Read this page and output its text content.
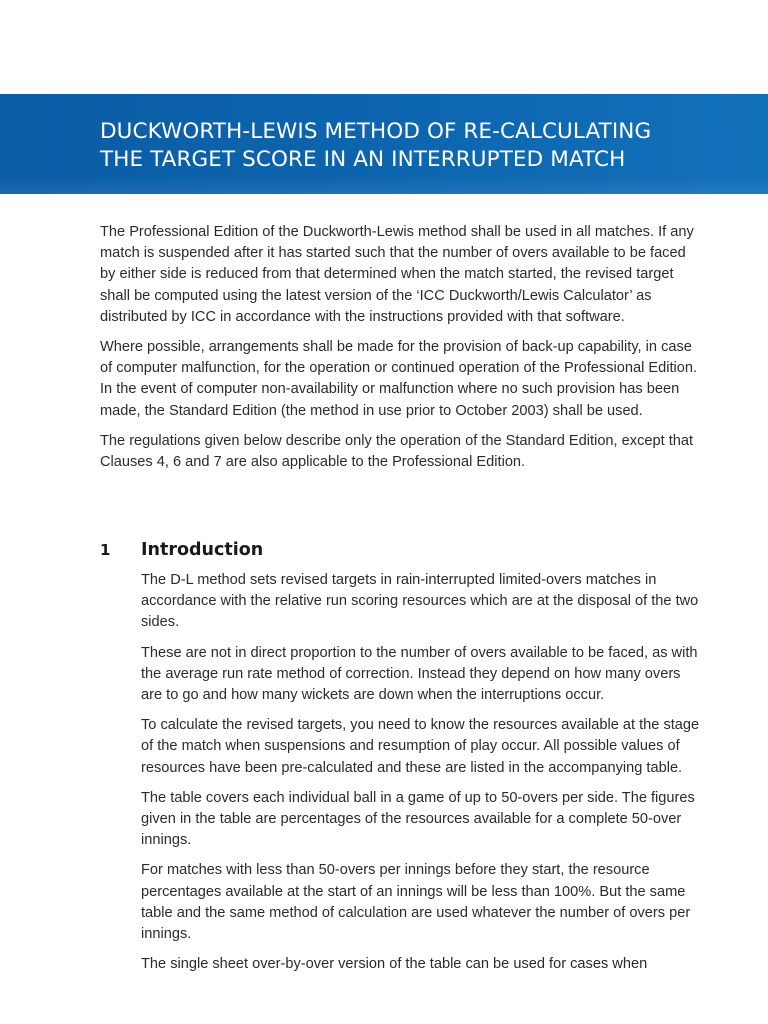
DUCKWORTH-LEWIS METHOD OF RE-CALCULATING
THE TARGET SCORE IN AN INTERRUPTED MATCH

The Professional Edition of the Duckworth-Lewis method shall be used in all matches. If any match is suspended after it has started such that the number of overs available to be faced by either side is reduced from that determined when the match started, the revised target shall be computed using the latest version of the ‘ICC Duckworth/Lewis Calculator’ as distributed by ICC in accordance with the instructions provided with that software.

Where possible, arrangements shall be made for the provision of back-up capability, in case of computer malfunction, for the operation or continued operation of the Professional Edition. In the event of computer non-availability or malfunction where no such provision has been made, the Standard Edition (the method in use prior to October 2003) shall be used.

The regulations given below describe only the operation of the Standard Edition, except that Clauses 4, 6 and 7 are also applicable to the Professional Edition.

1	Introduction

The D-L method sets revised targets in rain-interrupted limited-overs matches in accordance with the relative run scoring resources which are at the disposal of the two sides.

These are not in direct proportion to the number of overs available to be faced, as with the average run rate method of correction. Instead they depend on how many overs are to go and how many wickets are down when the interruptions occur.

To calculate the revised targets, you need to know the resources available at the stage of the match when suspensions and resumption of play occur. All possible values of resources have been pre-calculated and these are listed in the accompanying table.

The table covers each individual ball in a game of up to 50-overs per side. The figures given in the table are percentages of the resources available for a complete 50-over innings.

For matches with less than 50-overs per innings before they start, the resource percentages available at the start of an innings will be less than 100%. But the same table and the same method of calculation are used whatever the number of overs per innings.

The single sheet over-by-over version of the table can be used for cases when
